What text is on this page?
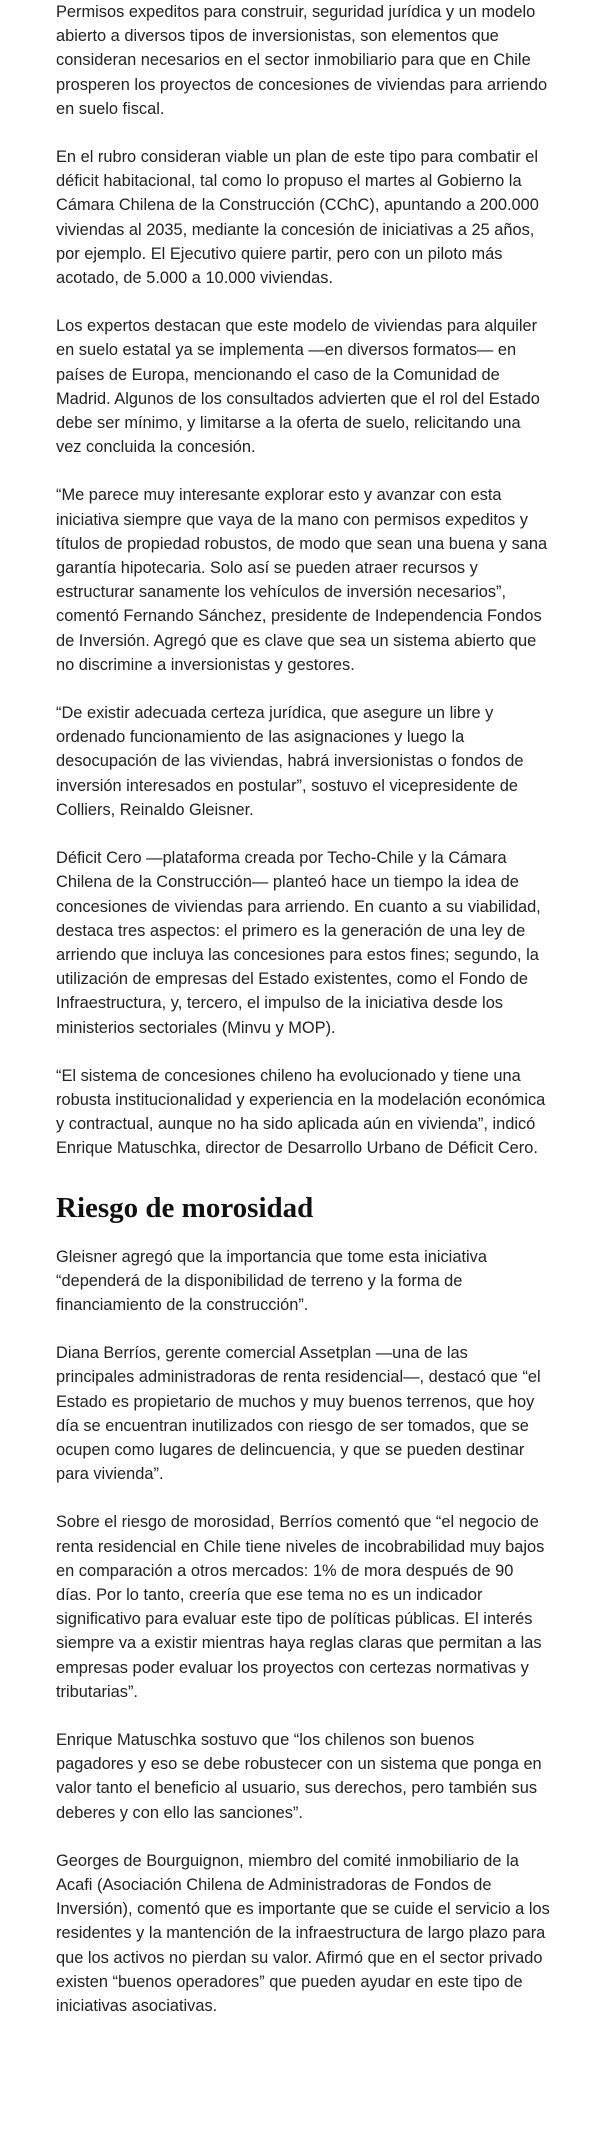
Permisos expeditos para construir, seguridad jurídica y un modelo abierto a diversos tipos de inversionistas, son elementos que consideran necesarios en el sector inmobiliario para que en Chile prosperen los proyectos de concesiones de viviendas para arriendo en suelo fiscal.

En el rubro consideran viable un plan de este tipo para combatir el déficit habitacional, tal como lo propuso el martes al Gobierno la Cámara Chilena de la Construcción (CChC), apuntando a 200.000 viviendas al 2035, mediante la concesión de iniciativas a 25 años, por ejemplo. El Ejecutivo quiere partir, pero con un piloto más acotado, de 5.000 a 10.000 viviendas.

Los expertos destacan que este modelo de viviendas para alquiler en suelo estatal ya se implementa —en diversos formatos— en países de Europa, mencionando el caso de la Comunidad de Madrid. Algunos de los consultados advierten que el rol del Estado debe ser mínimo, y limitarse a la oferta de suelo, relicitando una vez concluida la concesión.

“Me parece muy interesante explorar esto y avanzar con esta iniciativa siempre que vaya de la mano con permisos expeditos y títulos de propiedad robustos, de modo que sean una buena y sana garantía hipotecaria. Solo así se pueden atraer recursos y estructurar sanamente los vehículos de inversión necesarios”, comentó Fernando Sánchez, presidente de Independencia Fondos de Inversión. Agregó que es clave que sea un sistema abierto que no discrimine a inversionistas y gestores.

“De existir adecuada certeza jurídica, que asegure un libre y ordenado funcionamiento de las asignaciones y luego la desocupación de las viviendas, habrá inversionistas o fondos de inversión interesados en postular”, sostuvo el vicepresidente de Colliers, Reinaldo Gleisner.

Déficit Cero —plataforma creada por Techo-Chile y la Cámara Chilena de la Construcción— planteó hace un tiempo la idea de concesiones de viviendas para arriendo. En cuanto a su viabilidad, destaca tres aspectos: el primero es la generación de una ley de arriendo que incluya las concesiones para estos fines; segundo, la utilización de empresas del Estado existentes, como el Fondo de Infraestructura, y, tercero, el impulso de la iniciativa desde los ministerios sectoriales (Minvu y MOP).

“El sistema de concesiones chileno ha evolucionado y tiene una robusta institucionalidad y experiencia en la modelación económica y contractual, aunque no ha sido aplicada aún en vivienda”, indicó Enrique Matuschka, director de Desarrollo Urbano de Déficit Cero.

Riesgo de morosidad

Gleisner agregó que la importancia que tome esta iniciativa “dependerá de la disponibilidad de terreno y la forma de financiamiento de la construcción”.

Diana Berríos, gerente comercial Assetplan —una de las principales administradoras de renta residencial—, destacó que “el Estado es propietario de muchos y muy buenos terrenos, que hoy día se encuentran inutilizados con riesgo de ser tomados, que se ocupen como lugares de delincuencia, y que se pueden destinar para vivienda”.

Sobre el riesgo de morosidad, Berríos comentó que “el negocio de renta residencial en Chile tiene niveles de incobrabilidad muy bajos en comparación a otros mercados: 1% de mora después de 90 días. Por lo tanto, creería que ese tema no es un indicador significativo para evaluar este tipo de políticas públicas. El interés siempre va a existir mientras haya reglas claras que permitan a las empresas poder evaluar los proyectos con certezas normativas y tributarias”.

Enrique Matuschka sostuvo que “los chilenos son buenos pagadores y eso se debe robustecer con un sistema que ponga en valor tanto el beneficio al usuario, sus derechos, pero también sus deberes y con ello las sanciones”.

Georges de Bourguignon, miembro del comité inmobiliario de la Acafi (Asociación Chilena de Administradoras de Fondos de Inversión), comentó que es importante que se cuide el servicio a los residentes y la mantención de la infraestructura de largo plazo para que los activos no pierdan su valor. Afirmó que en el sector privado existen “buenos operadores” que pueden ayudar en este tipo de iniciativas asociativas.
